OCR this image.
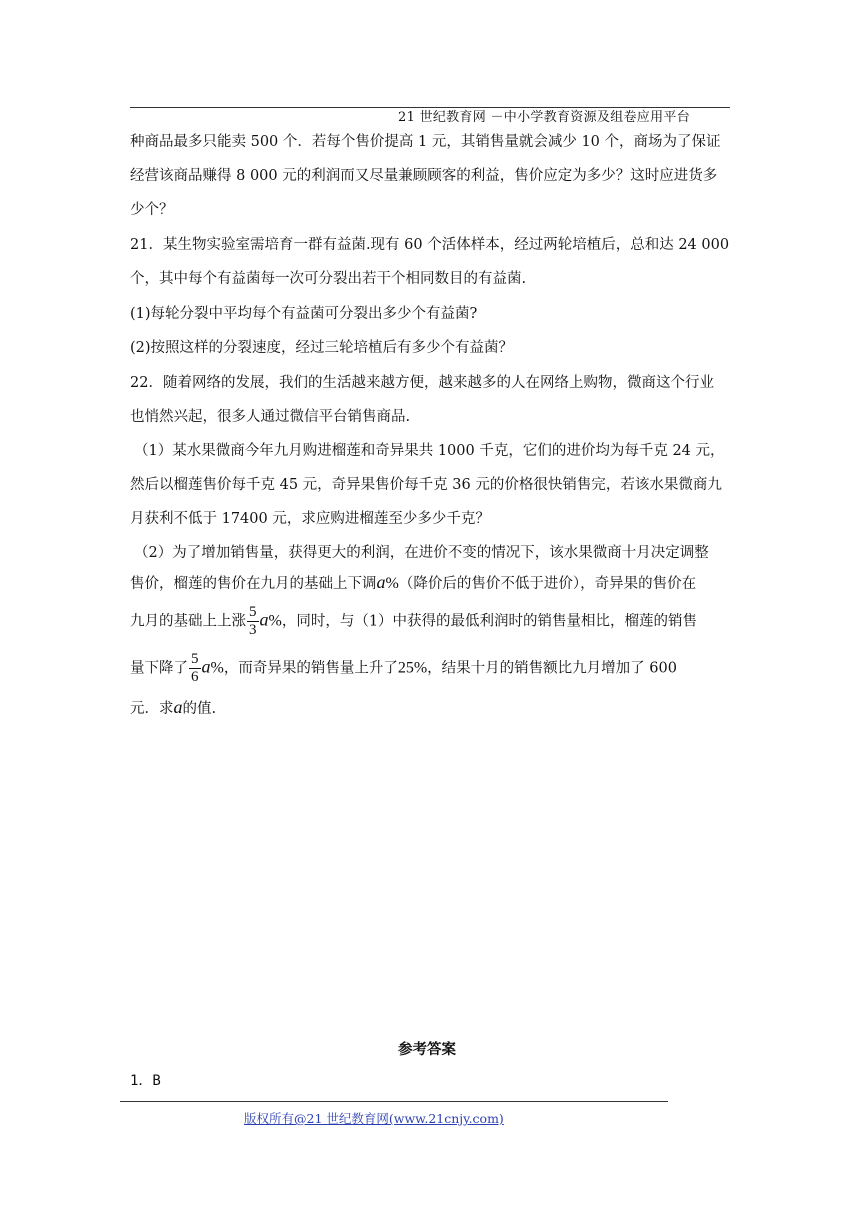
21 世纪教育网 －中小学教育资源及组卷应用平台
种商品最多只能卖 500 个．若每个售价提高 1 元，其销售量就会减少 10 个，商场为了保证
经营该商品赚得 8 000 元的利润而又尽量兼顾顾客的利益，售价应定为多少？这时应进货多
少个？
21．某生物实验室需培育一群有益菌.现有 60 个活体样本，经过两轮培植后，总和达 24 000
个，其中每个有益菌每一次可分裂出若干个相同数目的有益菌.
(1)每轮分裂中平均每个有益菌可分裂出多少个有益菌?
(2)按照这样的分裂速度，经过三轮培植后有多少个有益菌？
22．随着网络的发展，我们的生活越来越方便，越来越多的人在网络上购物，微商这个行业
也悄然兴起，很多人通过微信平台销售商品.
（1）某水果微商今年九月购进榴莲和奇异果共 1000 千克，它们的进价均为每千克 24 元，
然后以榴莲售价每千克 45 元，奇异果售价每千克 36 元的价格很快销售完，若该水果微商九
月获利不低于 17400 元，求应购进榴莲至少多少千克？
（2）为了增加销售量，获得更大的利润，在进价不变的情况下，该水果微商十月决定调整
售价，榴莲的售价在九月的基础上下调a%（降价后的售价不低于进价），奇异果的售价在
九月的基础上上涨 $\frac{5}{3} a\%$，同时，与（1）中获得的最低利润时的销售量相比，榴莲的销售
量下降了 $\frac{5}{6} a\%$，而奇异果的销售量上升了25%，结果十月的销售额比九月增加了 600
元．求a的值.
参考答案
1．B
版权所有@21 世纪教育网(www.21cnjy.com)
